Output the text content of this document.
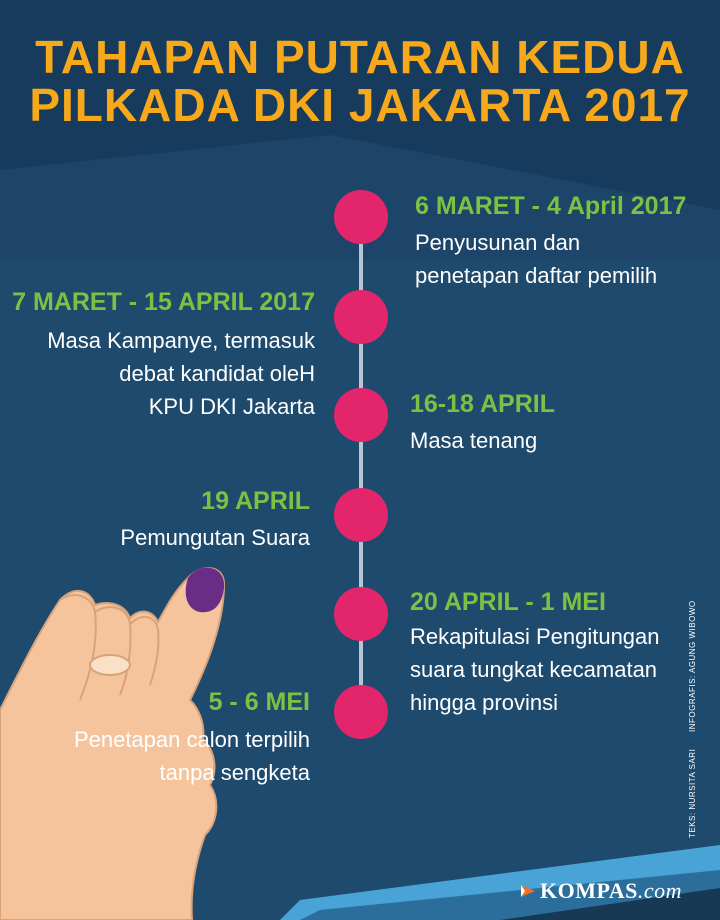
TAHAPAN PUTARAN KEDUA
PILKADA DKI JAKARTA 2017
6 MARET - 4 April 2017
Penyusunan dan
penetapan daftar pemilih
7 MARET - 15 APRIL 2017
Masa Kampanye, termasuk
debat kandidat oleH
KPU DKI Jakarta	16-18 APRIL
Masa tenang
19 APRIL
Pemungutan Suara
20 APRIL - 1 MEI
Rekapitulasi Pengitungan
suara tungkat kecamatan
hingga provinsi
5 - 6 MEI
Penetapan calon terpilih
tanpa sengketa	TEKS: NURSITA SARI INFOGRAFIS: AGUNG WIBOWO
KOMPAS.com
